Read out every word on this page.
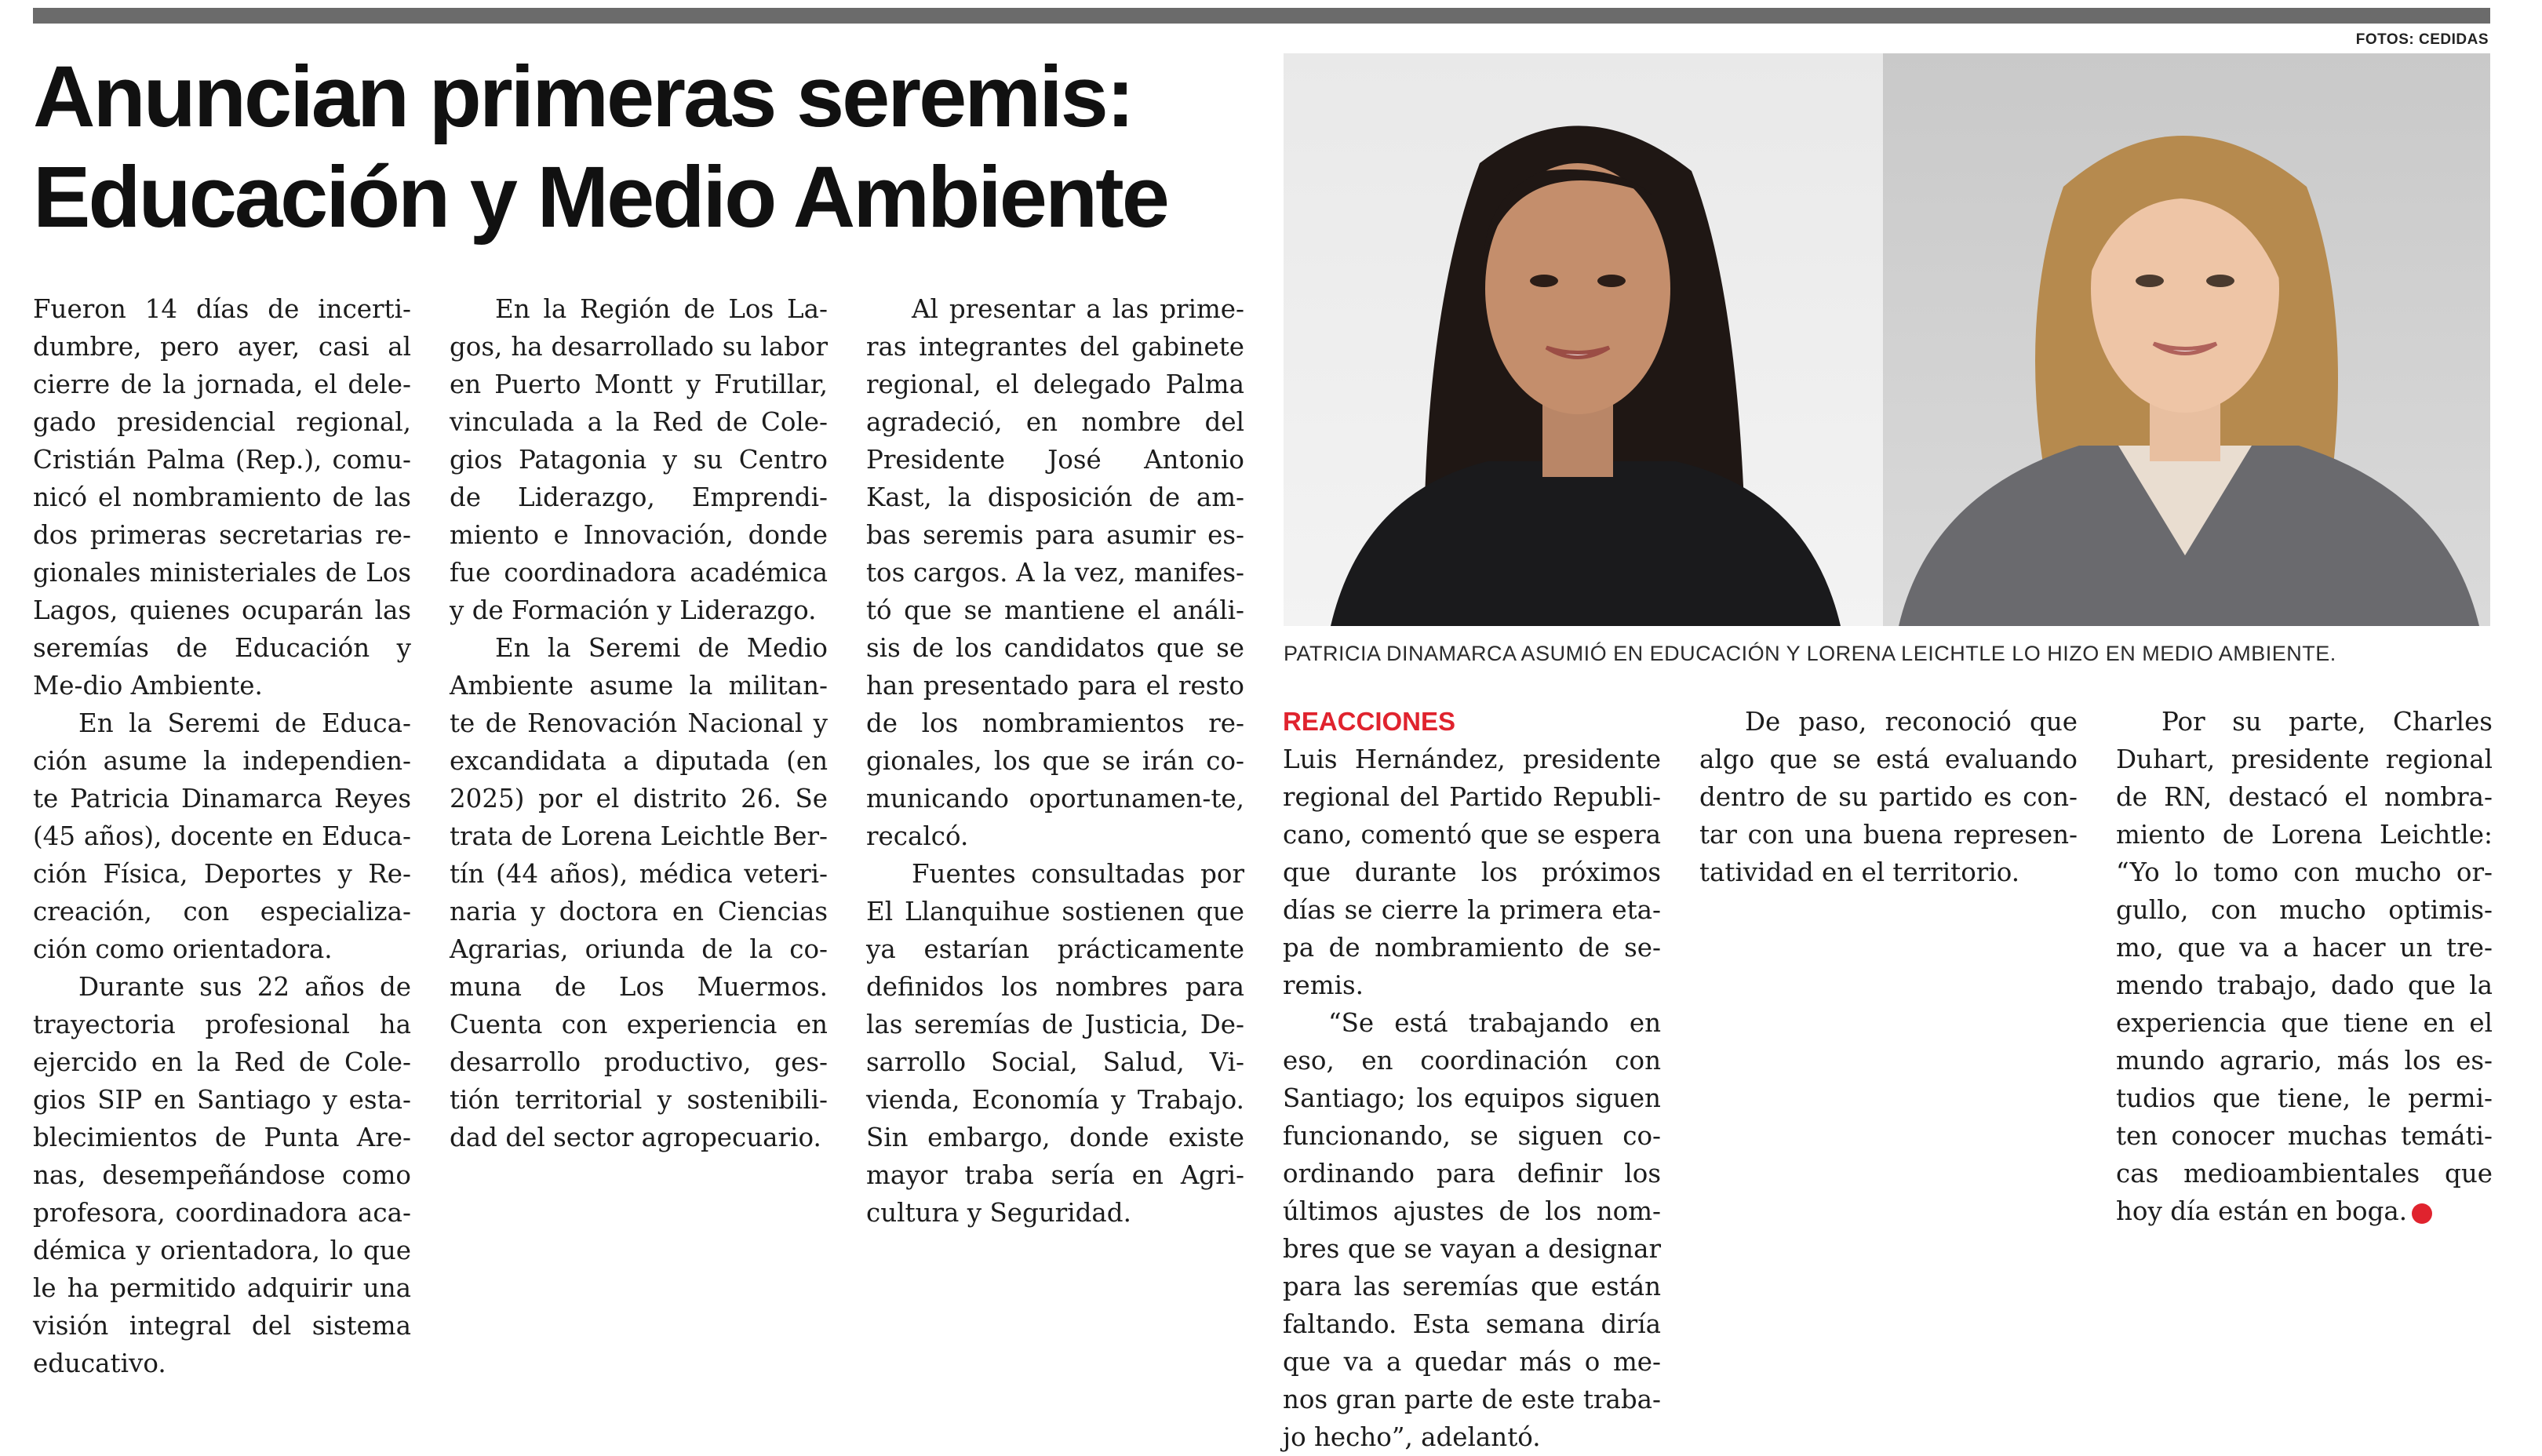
FOTOS: CEDIDAS
Anuncian primeras seremis:
Educación y Medio Ambiente
PATRICIA DINAMARCA ASUMIÓ EN EDUCACIÓN Y LORENA LEICHTLE LO HIZO EN MEDIO AMBIENTE.

Fueron 14 días de incerti-dumbre, pero ayer, casi al cierre de la jornada, el dele-gado presidencial regional, Cristián Palma (Rep.), comu-nicó el nombramiento de las dos primeras secretarias re-gionales ministeriales de Los Lagos, quienes ocuparán las seremías de Educación y Me-dio Ambiente.

En la Seremi de Educa-ción asume la independien-te Patricia Dinamarca Reyes (45 años), docente en Educa-ción Física, Deportes y Re-creación, con especializa-ción como orientadora.

Durante sus 22 años de trayectoria profesional ha ejercido en la Red de Cole-gios SIP en Santiago y esta-blecimientos de Punta Are-nas, desempeñándose como profesora, coordinadora aca-démica y orientadora, lo que le ha permitido adquirir una visión integral del sistema educativo.

En la Región de Los La-gos, ha desarrollado su labor en Puerto Montt y Frutillar, vinculada a la Red de Cole-gios Patagonia y su Centro de Liderazgo, Emprendi-miento e Innovación, donde fue coordinadora académica y de Formación y Liderazgo.

En la Seremi de Medio Ambiente asume la militan-te de Renovación Nacional y excandidata a diputada (en 2025) por el distrito 26. Se trata de Lorena Leichtle Ber-tín (44 años), médica veteri-naria y doctora en Ciencias Agrarias, oriunda de la co-muna de Los Muermos. Cuenta con experiencia en desarrollo productivo, ges-tión territorial y sostenibili-dad del sector agropecuario.

Al presentar a las prime-ras integrantes del gabinete regional, el delegado Palma agradeció, en nombre del Presidente José Antonio Kast, la disposición de am-bas seremis para asumir es-tos cargos. A la vez, manifes-tó que se mantiene el análi-sis de los candidatos que se han presentado para el resto de los nombramientos re-gionales, los que se irán co-municando oportunamen-te, recalcó.

Fuentes consultadas por El Llanquihue sostienen que ya estarían prácticamente definidos los nombres para las seremías de Justicia, De-sarrollo Social, Salud, Vi-vienda, Economía y Trabajo. Sin embargo, donde existe mayor traba sería en Agri-cultura y Seguridad.

REACCIONES

Luis Hernández, presidente regional del Partido Republi-cano, comentó que se espera que durante los próximos días se cierre la primera eta-pa de nombramiento de se-remis.

“Se está trabajando en eso, en coordinación con Santiago; los equipos siguen funcionando, se siguen co-ordinando para definir los últimos ajustes de los nom-bres que se vayan a designar para las seremías que están faltando. Esta semana diría que va a quedar más o me-nos gran parte de este traba-jo hecho”, adelantó.

De paso, reconoció que algo que se está evaluando dentro de su partido es con-tar con una buena represen-tatividad en el territorio.

Por su parte, Charles Duhart, presidente regional de RN, destacó el nombra-miento de Lorena Leichtle: “Yo lo tomo con mucho or-gullo, con mucho optimis-mo, que va a hacer un tre-mendo trabajo, dado que la experiencia que tiene en el mundo agrario, más los es-tudios que tiene, le permi-ten conocer muchas temáti-cas medioambientales que hoy día están en boga.	✪
